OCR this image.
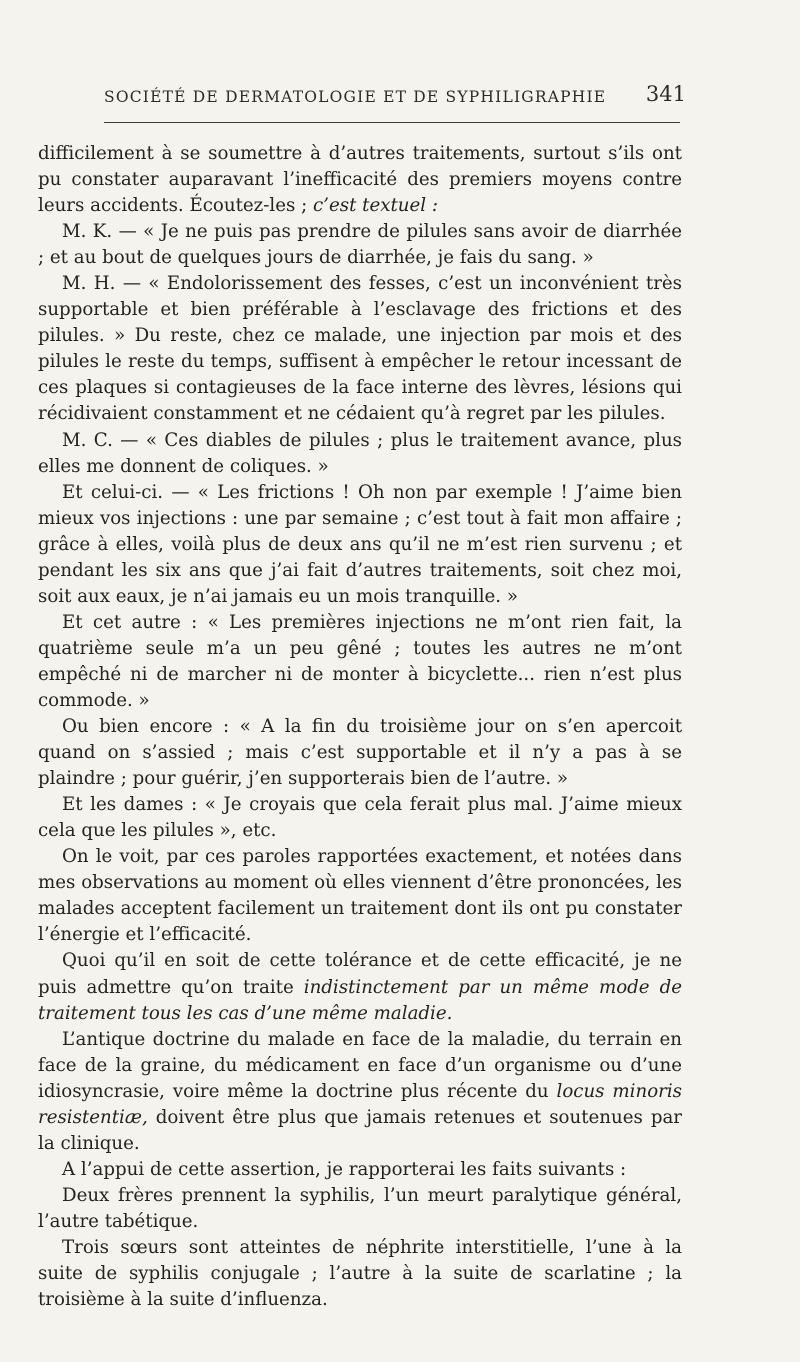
SOCIÉTÉ DE DERMATOLOGIE ET DE SYPHILIGRAPHIE 341

difficilement à se soumettre à d’autres traitements, surtout s’ils ont pu constater auparavant l’inefficacité des premiers moyens contre leurs accidents. Écoutez-les ; c’est textuel :

M. K. — « Je ne puis pas prendre de pilules sans avoir de diarrhée ; et au bout de quelques jours de diarrhée, je fais du sang. »

M. H. — « Endolorissement des fesses, c’est un inconvénient très supportable et bien préférable à l’esclavage des frictions et des pilules. » Du reste, chez ce malade, une injection par mois et des pilules le reste du temps, suffisent à empêcher le retour incessant de ces plaques si contagieuses de la face interne des lèvres, lésions qui récidivaient constamment et ne cédaient qu’à regret par les pilules.

M. C. — « Ces diables de pilules ; plus le traitement avance, plus elles me donnent de coliques. »

Et celui-ci. — « Les frictions ! Oh non par exemple ! J’aime bien mieux vos injections : une par semaine ; c’est tout à fait mon affaire ; grâce à elles, voilà plus de deux ans qu’il ne m’est rien survenu ; et pendant les six ans que j’ai fait d’autres traitements, soit chez moi, soit aux eaux, je n’ai jamais eu un mois tranquille. »

Et cet autre : « Les premières injections ne m’ont rien fait, la quatrième seule m’a un peu gêné ; toutes les autres ne m’ont empêché ni de marcher ni de monter à bicyclette... rien n’est plus commode. »

Ou bien encore : « A la fin du troisième jour on s’en apercoit quand on s’assied ; mais c’est supportable et il n’y a pas à se plaindre ; pour guérir, j’en supporterais bien de l’autre. »

Et les dames : « Je croyais que cela ferait plus mal. J’aime mieux cela que les pilules », etc.

On le voit, par ces paroles rapportées exactement, et notées dans mes observations au moment où elles viennent d’être prononcées, les malades acceptent facilement un traitement dont ils ont pu constater l’énergie et l’efficacité.

Quoi qu’il en soit de cette tolérance et de cette efficacité, je ne puis admettre qu’on traite indistinctement par un même mode de traitement tous les cas d’une même maladie.

L’antique doctrine du malade en face de la maladie, du terrain en face de la graine, du médicament en face d’un organisme ou d’une idiosyncrasie, voire même la doctrine plus récente du locus minoris resistentiæ, doivent être plus que jamais retenues et soutenues par la clinique.

A l’appui de cette assertion, je rapporterai les faits suivants :

Deux frères prennent la syphilis, l’un meurt paralytique général, l’autre tabétique.

Trois sœurs sont atteintes de néphrite interstitielle, l’une à la suite de syphilis conjugale ; l’autre à la suite de scarlatine ; la troisième à la suite d’influenza.
